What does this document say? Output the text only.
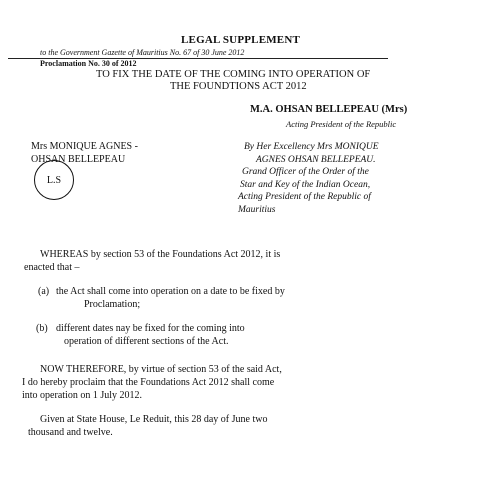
LEGAL SUPPLEMENT
to the Government Gazette of Mauritius No. 67 of 30 June 2012
Proclamation No. 30 of 2012
TO FIX THE DATE OF THE COMING INTO OPERATION OF
THE FOUNDTIONS ACT 2012
M.A. OHSAN BELLEPEAU (Mrs)
Acting President of the Republic
Mrs MONIQUE AGNES -
OHSAN BELLEPEAU
L.S
By Her Excellency Mrs MONIQUE
AGNES OHSAN BELLEPEAU.
Grand Officer of the Order of the
Star and Key of the Indian Ocean,
Acting President of the Republic of
Mauritius
WHEREAS by section 53 of the Foundations Act 2012, it is
enacted that –
(a) the Act shall come into operation on a date to be fixed by
Proclamation;
(b) different dates nay be fixed for the coming into
operation of different sections of the Act.
NOW THEREFORE, by virtue of section 53 of the said Act,
I do hereby proclaim that the Foundations Act 2012 shall come
into operation on 1 July 2012.
Given at State House, Le Reduit, this 28 day of June two
thousand and twelve.
